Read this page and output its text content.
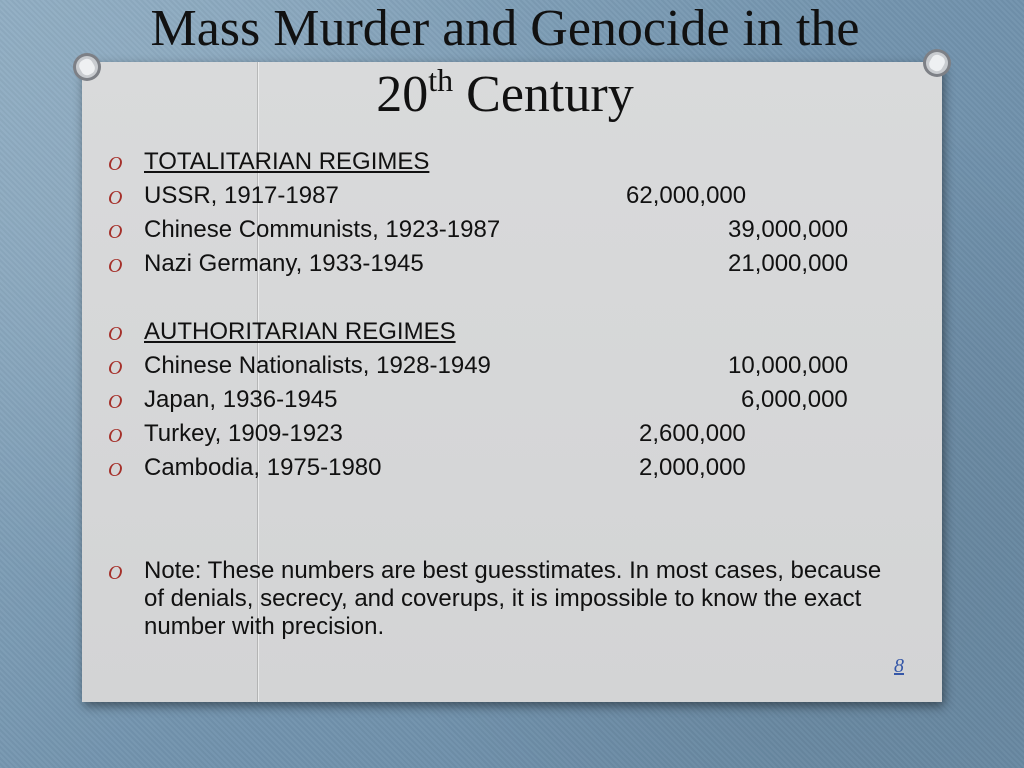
Mass Murder and Genocide in the
20th Century
O TOTALITARIAN REGIMES
O USSR, 1917-1987	62,000,000
O Chinese Communists, 1923-1987	39,000,000
O Nazi Germany, 1933-1945	21,000,000
O AUTHORITARIAN REGIMES
O Chinese Nationalists, 1928-1949	10,000,000
O Japan, 1936-1945	6,000,000
O Turkey, 1909-1923	2,600,000
O Cambodia, 1975-1980	2,000,000
O Note: These numbers are best guesstimates. In most cases, because of denials, secrecy, and coverups, it is impossible to know the exact number with precision.
8
